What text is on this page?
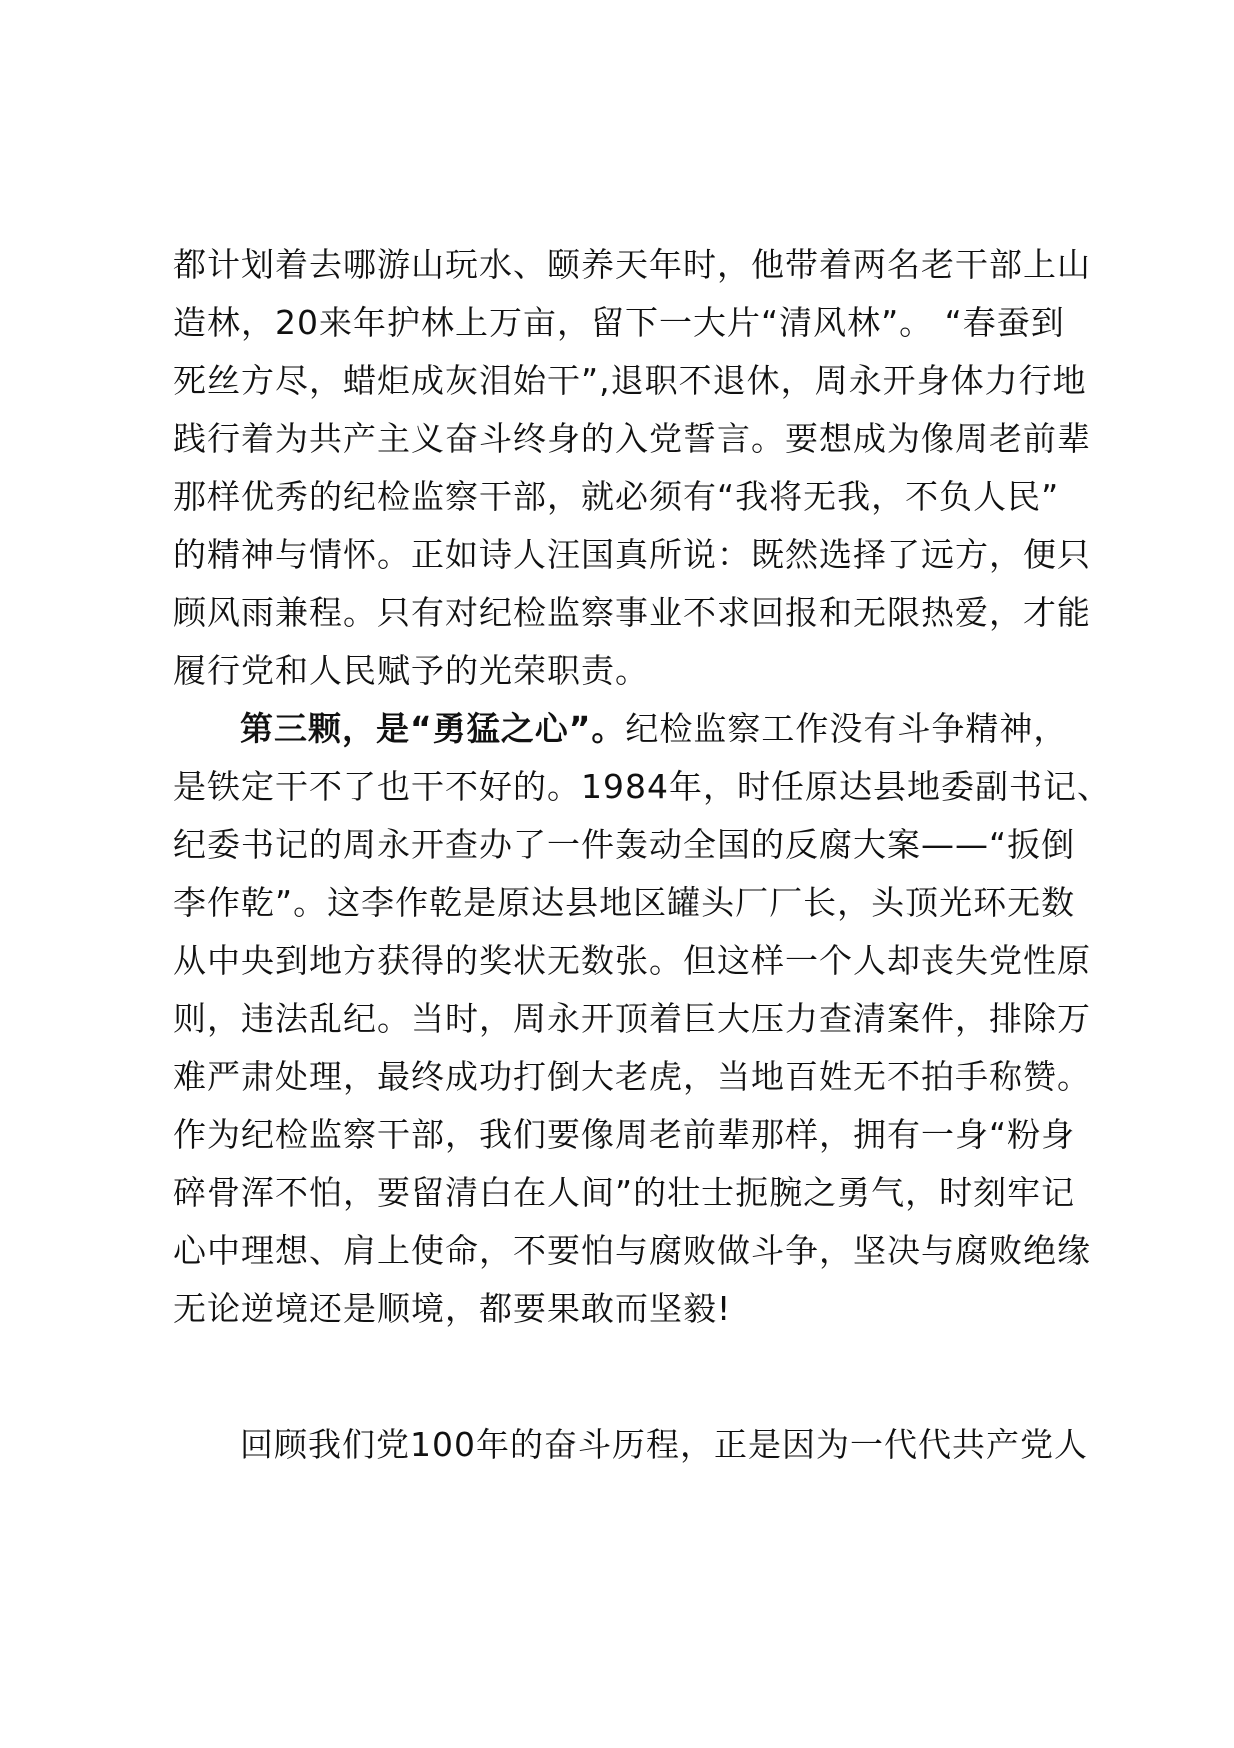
都计划着去哪游山玩水、颐养天年时，他带着两名老干部上山
造林，20来年护林上万亩，留下一大片“清风林”。 “春蚕到
死丝方尽，蜡炬成灰泪始干”,退职不退休，周永开身体力行地
践行着为共产主义奋斗终身的入党誓言。要想成为像周老前辈
那样优秀的纪检监察干部，就必须有“我将无我，不负人民”
的精神与情怀。正如诗人汪国真所说：既然选择了远方，便只
顾风雨兼程。只有对纪检监察事业不求回报和无限热爱，才能
履行党和人民赋予的光荣职责。
第三颗，是“勇猛之心”。纪检监察工作没有斗争精神，
是铁定干不了也干不好的。1984年，时任原达县地委副书记、
纪委书记的周永开查办了一件轰动全国的反腐大案——“扳倒
李作乾”。这李作乾是原达县地区罐头厂厂长，头顶光环无数
从中央到地方获得的奖状无数张。但这样一个人却丧失党性原
则，违法乱纪。当时，周永开顶着巨大压力查清案件，排除万
难严肃处理，最终成功打倒大老虎，当地百姓无不拍手称赞。
作为纪检监察干部，我们要像周老前辈那样，拥有一身“粉身
碎骨浑不怕，要留清白在人间”的壮士扼腕之勇气，时刻牢记
心中理想、肩上使命，不要怕与腐败做斗争，坚决与腐败绝缘
无论逆境还是顺境，都要果敢而坚毅!
回顾我们党100年的奋斗历程，正是因为一代代共产党人
